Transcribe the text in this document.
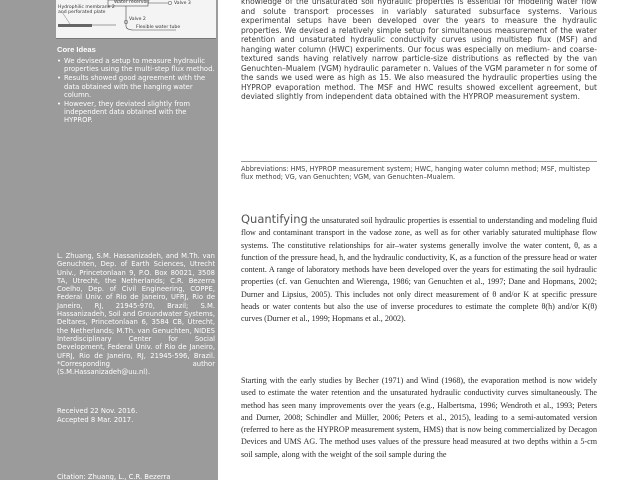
Water reservoir
Hydrophilic membrane 2
and perforated plate
Valve 2
Valve 3
Flexible water tube
Core Ideas
• We devised a setup to measure hydraulic properties using the multi-step flux method.
• Results showed good agreement with the data obtained with the hanging water column.
• However, they deviated slightly from independent data obtained with the HYPROP.
L. Zhuang, S.M. Hassanizadeh, and M.Th. van Genuchten, Dep. of Earth Sciences, Utrecht Univ., Princetonlaan 9, P.O. Box 80021, 3508 TA, Utrecht, the Netherlands; C.R. Bezerra Coelho, Dep. of Civil Engineering, COPPE, Federal Univ. of Rio de Janeiro, UFRJ, Rio de Janeiro, RJ, 21945-970, Brazil; S.M. Hassanizadeh, Soil and Groundwater Systems, Deltares, Princetonlaan 6, 3584 CB, Utrecht, the Netherlands; M.Th. van Genuchten, NIDES Interdisciplinary Center for Social Development, Federal Univ. of Rio de Janeiro, UFRJ, Rio de Janeiro, RJ, 21945-596, Brazil. *Corresponding author (S.M.Hassanizadeh@uu.nl).
Received 22 Nov. 2016.
Accepted 8 Mar. 2017.
Citation: Zhuang, L., C.R. Bezerra
knowledge of the unsaturated soil hydraulic properties is essential for modeling water flow and solute transport processes in variably saturated subsurface systems. Various experimental setups have been developed over the years to measure the hydraulic properties. We devised a relatively simple setup for simultaneous measurement of the water retention and unsaturated hydraulic conductivity curves using multistep flux (MSF) and hanging water column (HWC) experiments. Our focus was especially on medium- and coarse-textured sands having relatively narrow particle-size distributions as reflected by the van Genuchten–Mualem (VGM) hydraulic parameter n. Values of the VGM parameter n for some of the sands we used were as high as 15. We also measured the hydraulic properties using the HYPROP evaporation method. The MSF and HWC results showed excellent agreement, but deviated slightly from independent data obtained with the HYPROP measurement system.
Abbreviations: HMS, HYPROP measurement system; HWC, hanging water column method; MSF, multistep flux method; VG, van Genuchten; VGM, van Genuchten–Mualem.

Quantifying the unsaturated soil hydraulic properties is essential to understanding and modeling fluid flow and contaminant transport in the vadose zone, as well as for other variably saturated multiphase flow systems. The constitutive relationships for air–water systems generally involve the water content, θ, as a function of the pressure head, h, and the hydraulic conductivity, K, as a function of the pressure head or water content. A range of laboratory methods have been developed over the years for estimating the soil hydraulic properties (cf. van Genuchten and Wierenga, 1986; van Genuchten et al., 1997; Dane and Hopmans, 2002; Durner and Lipsius, 2005). This includes not only direct measurement of θ and/or K at specific pressure heads or water contents but also the use of inverse procedures to estimate the complete θ(h) and/or K(θ) curves (Durner et al., 1999; Hopmans et al., 2002).

Starting with the early studies by Becher (1971) and Wind (1968), the evaporation method is now widely used to estimate the water retention and the unsaturated hydraulic conductivity curves simultaneously. The method has seen many improvements over the years (e.g., Halbertsma, 1996; Wendroth et al., 1993; Peters and Durner, 2008; Schindler and Müller, 2006; Peters et al., 2015), leading to a semi-automated version (referred to here as the HYPROP measurement system, HMS) that is now being commercialized by Decagon Devices and UMS AG. The method uses values of the pressure head measured at two depths within a 5-cm soil sample, along with the weight of the soil sample during the
